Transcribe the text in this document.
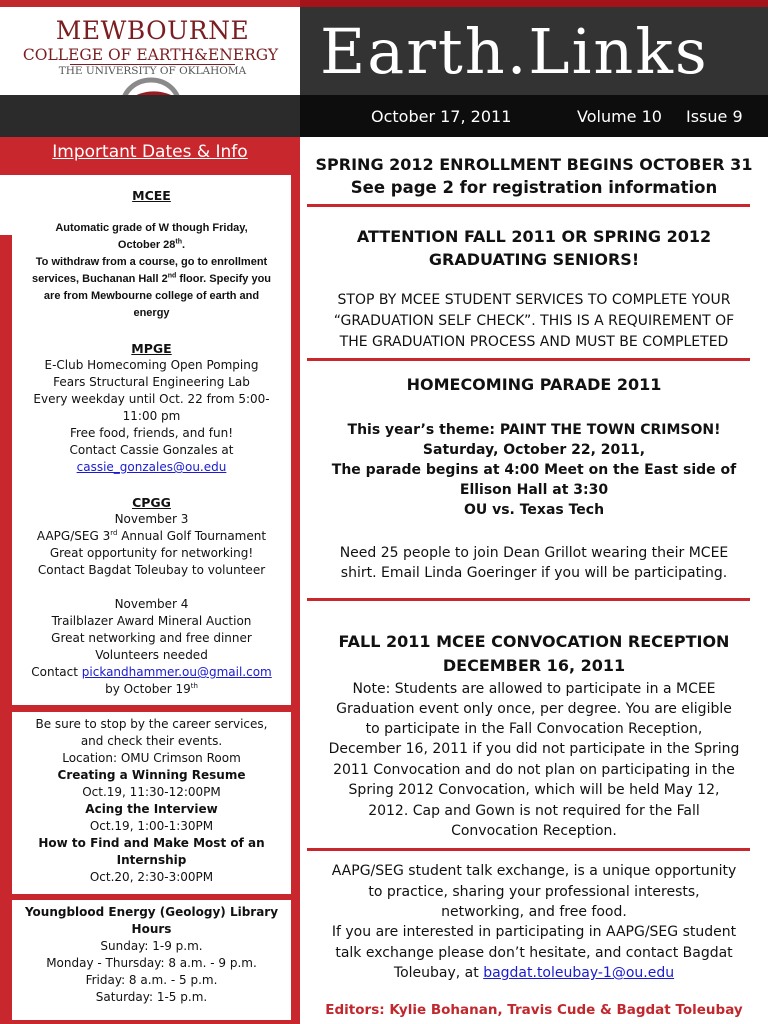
MEWBOURNE
COLLEGE OF EARTH&ENERGY
THE UNIVERSITY OF OKLAHOMA	Earth.Links
October 17, 2011	Volume 10 Issue 9
Important Dates & Info
MCEE
Automatic grade of W though Friday,
October 28th.
To withdraw from a course, go to enrollment
services, Buchanan Hall 2nd floor. Specify you
are from Mewbourne college of earth and
energy
MPGE
E-Club Homecoming Open Pomping
Fears Structural Engineering Lab
Every weekday until Oct. 22 from 5:00-
11:00 pm
Free food, friends, and fun!
Contact Cassie Gonzales at
cassie_gonzales@ou.edu
CPGG
November 3
AAPG/SEG 3rd Annual Golf Tournament
Great opportunity for networking!
Contact Bagdat Toleubay to volunteer
November 4
Trailblazer Award Mineral Auction
Great networking and free dinner
Volunteers needed
Contact pickandhammer.ou@gmail.com
by October 19th
Be sure to stop by the career services,
and check their events.
Location: OMU Crimson Room
Creating a Winning Resume
Oct.19, 11:30-12:00PM
Acing the Interview
Oct.19, 1:00-1:30PM
How to Find and Make Most of an
Internship
Oct.20, 2:30-3:00PM
Youngblood Energy (Geology) Library
Hours
Sunday: 1-9 p.m.
Monday - Thursday: 8 a.m. - 9 p.m.
Friday: 8 a.m. - 5 p.m.
Saturday: 1-5 p.m.
SPRING 2012 ENROLLMENT BEGINS OCTOBER 31
See page 2 for registration information
ATTENTION FALL 2011 OR SPRING 2012
GRADUATING SENIORS!
STOP BY MCEE STUDENT SERVICES TO COMPLETE YOUR
“GRADUATION SELF CHECK”. THIS IS A REQUIREMENT OF
THE GRADUATION PROCESS AND MUST BE COMPLETED
HOMECOMING PARADE 2011
This year’s theme: PAINT THE TOWN CRIMSON!
Saturday, October 22, 2011,
The parade begins at 4:00 Meet on the East side of
Ellison Hall at 3:30
OU vs. Texas Tech
Need 25 people to join Dean Grillot wearing their MCEE
shirt. Email Linda Goeringer if you will be participating.
FALL 2011 MCEE CONVOCATION RECEPTION
DECEMBER 16, 2011
Note: Students are allowed to participate in a MCEE
Graduation event only once, per degree. You are eligible
to participate in the Fall Convocation Reception,
December 16, 2011 if you did not participate in the Spring
2011 Convocation and do not plan on participating in the
Spring 2012 Convocation, which will be held May 12,
2012. Cap and Gown is not required for the Fall
Convocation Reception.
AAPG/SEG student talk exchange, is a unique opportunity
to practice, sharing your professional interests,
networking, and free food.
If you are interested in participating in AAPG/SEG student
talk exchange please don’t hesitate, and contact Bagdat
Toleubay, at bagdat.toleubay-1@ou.edu
Editors: Kylie Bohanan, Travis Cude & Bagdat Toleubay
